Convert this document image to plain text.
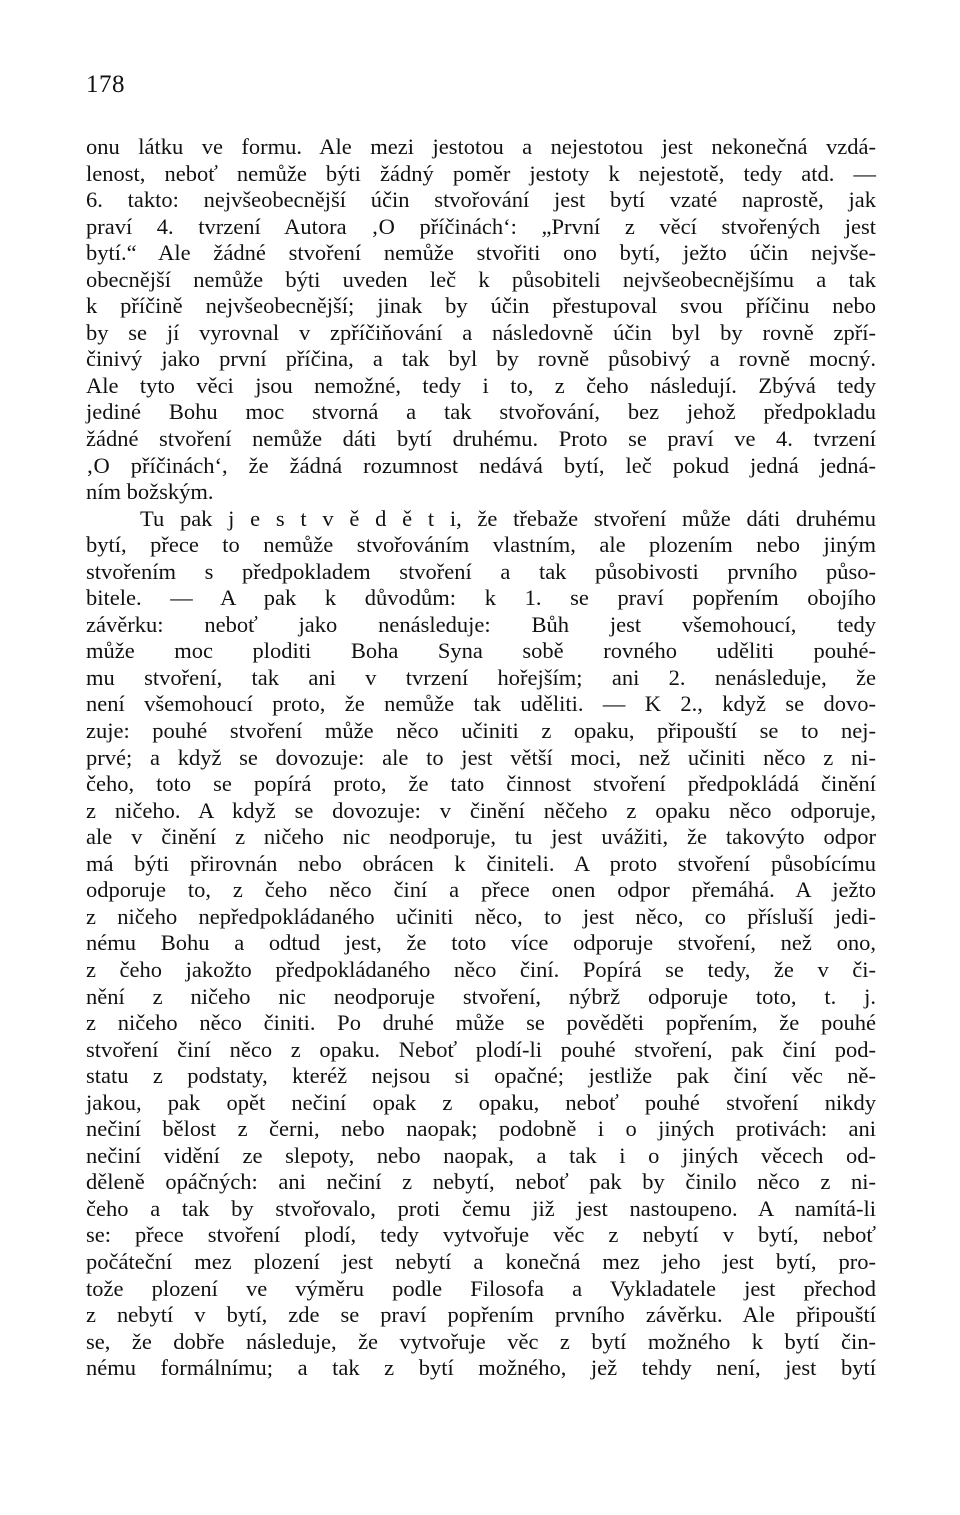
178
onu látku ve formu. Ale mezi jestotou a nejestotou jest nekonečná vzdá-
lenost, neboť nemůže býti žádný poměr jestoty k nejestotě, tedy atd. —
6. takto: nejvšeobecnější účin stvořování jest bytí vzaté naprostě, jak
praví 4. tvrzení Autora ‚O příčinách‘: „První z věcí stvořených jest
bytí.“ Ale žádné stvoření nemůže stvořiti ono bytí, ježto účin nejvše-
obecnější nemůže býti uveden leč k působiteli nejvšeobecnějšímu a tak
k příčině nejvšeobecnější; jinak by účin přestupoval svou příčinu nebo
by se jí vyrovnal v zpříčiňování a následovně účin byl by rovně zpří-
činivý jako první příčina, a tak byl by rovně působivý a rovně mocný.
Ale tyto věci jsou nemožné, tedy i to, z čeho následují. Zbývá tedy
jediné Bohu moc stvorná a tak stvořování, bez jehož předpokladu
žádné stvoření nemůže dáti bytí druhému. Proto se praví ve 4. tvrzení
‚O příčinách‘, že žádná rozumnost nedává bytí, leč pokud jedná jedná-
ním božským.
Tu pak j e s t v ě d ě t i, že třebaže stvoření může dáti druhému
bytí, přece to nemůže stvořováním vlastním, ale plozením nebo jiným
stvořením s předpokladem stvoření a tak působivosti prvního půso-
bitele. — A pak k důvodům: k 1. se praví popřením obojího
závěrku: neboť jako nenásleduje: Bůh jest všemohoucí, tedy
může moc ploditi Boha Syna sobě rovného uděliti pouhé-
mu stvoření, tak ani v tvrzení hořejším; ani 2. nenásleduje, že
není všemohoucí proto, že nemůže tak uděliti. — K 2., když se dovo-
zuje: pouhé stvoření může něco učiniti z opaku, připouští se to nej-
prvé; a když se dovozuje: ale to jest větší moci, než učiniti něco z ni-
čeho, toto se popírá proto, že tato činnost stvoření předpokládá činění
z ničeho. A když se dovozuje: v činění něčeho z opaku něco odporuje,
ale v činění z ničeho nic neodporuje, tu jest uvážiti, že takovýto odpor
má býti přirovnán nebo obrácen k činiteli. A proto stvoření působícímu
odporuje to, z čeho něco činí a přece onen odpor přemáhá. A ježto
z ničeho nepředpokládaného učiniti něco, to jest něco, co přísluší jedi-
nému Bohu a odtud jest, že toto více odporuje stvoření, než ono,
z čeho jakožto předpokládaného něco činí. Popírá se tedy, že v či-
nění z ničeho nic neodporuje stvoření, nýbrž odporuje toto, t. j.
z ničeho něco činiti. Po druhé může se pověděti popřením, že pouhé
stvoření činí něco z opaku. Neboť plodí-li pouhé stvoření, pak činí pod-
statu z podstaty, kteréž nejsou si opačné; jestliže pak činí věc ně-
jakou, pak opět nečiní opak z opaku, neboť pouhé stvoření nikdy
nečiní bělost z černi, nebo naopak; podobně i o jiných protivách: ani
nečiní vidění ze slepoty, nebo naopak, a tak i o jiných věcech od-
děleně opáčných: ani nečiní z nebytí, neboť pak by činilo něco z ni-
čeho a tak by stvořovalo, proti čemu již jest nastoupeno. A namítá-li
se: přece stvoření plodí, tedy vytvořuje věc z nebytí v bytí, neboť
počáteční mez plození jest nebytí a konečná mez jeho jest bytí, pro-
tože plození ve výměru podle Filosofa a Vykladatele jest přechod
z nebytí v bytí, zde se praví popřením prvního závěrku. Ale připouští
se, že dobře následuje, že vytvořuje věc z bytí možného k bytí čin-
nému formálnímu; a tak z bytí možného, jež tehdy není, jest bytí
